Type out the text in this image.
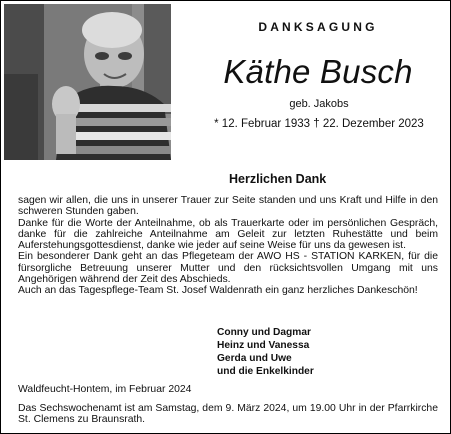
DANKSAGUNG
Käthe Busch
geb. Jakobs
* 12. Februar 1933 † 22. Dezember 2023
Herzlichen Dank

sagen wir allen, die uns in unserer Trauer zur Seite standen und uns Kraft und Hilfe in den schweren Stunden gaben.

Danke für die Worte der Anteilnahme, ob als Trauerkarte oder im persönlichen Gespräch, danke für die zahlreiche Anteilnahme am Geleit zur letzten Ruhestätte und beim Auferstehungsgottesdienst, danke wie jeder auf seine Weise für uns da gewesen ist.

Ein besonderer Dank geht an das Pflegeteam der AWO HS - STATION KARKEN, für die fürsorgliche Betreuung unserer Mutter und den rücksichtsvollen Umgang mit uns Angehörigen während der Zeit des Abschieds.

Auch an das Tagespflege-Team St. Josef Waldenrath ein ganz herzliches Dankeschön!

Conny und Dagmar
Heinz und Vanessa
Gerda und Uwe
und die Enkelkinder
Waldfeucht-Hontem, im Februar 2024

Das Sechswochenamt ist am Samstag, dem 9. März 2024, um 19.00 Uhr in der Pfarrkirche St. Clemens zu Braunsrath.
